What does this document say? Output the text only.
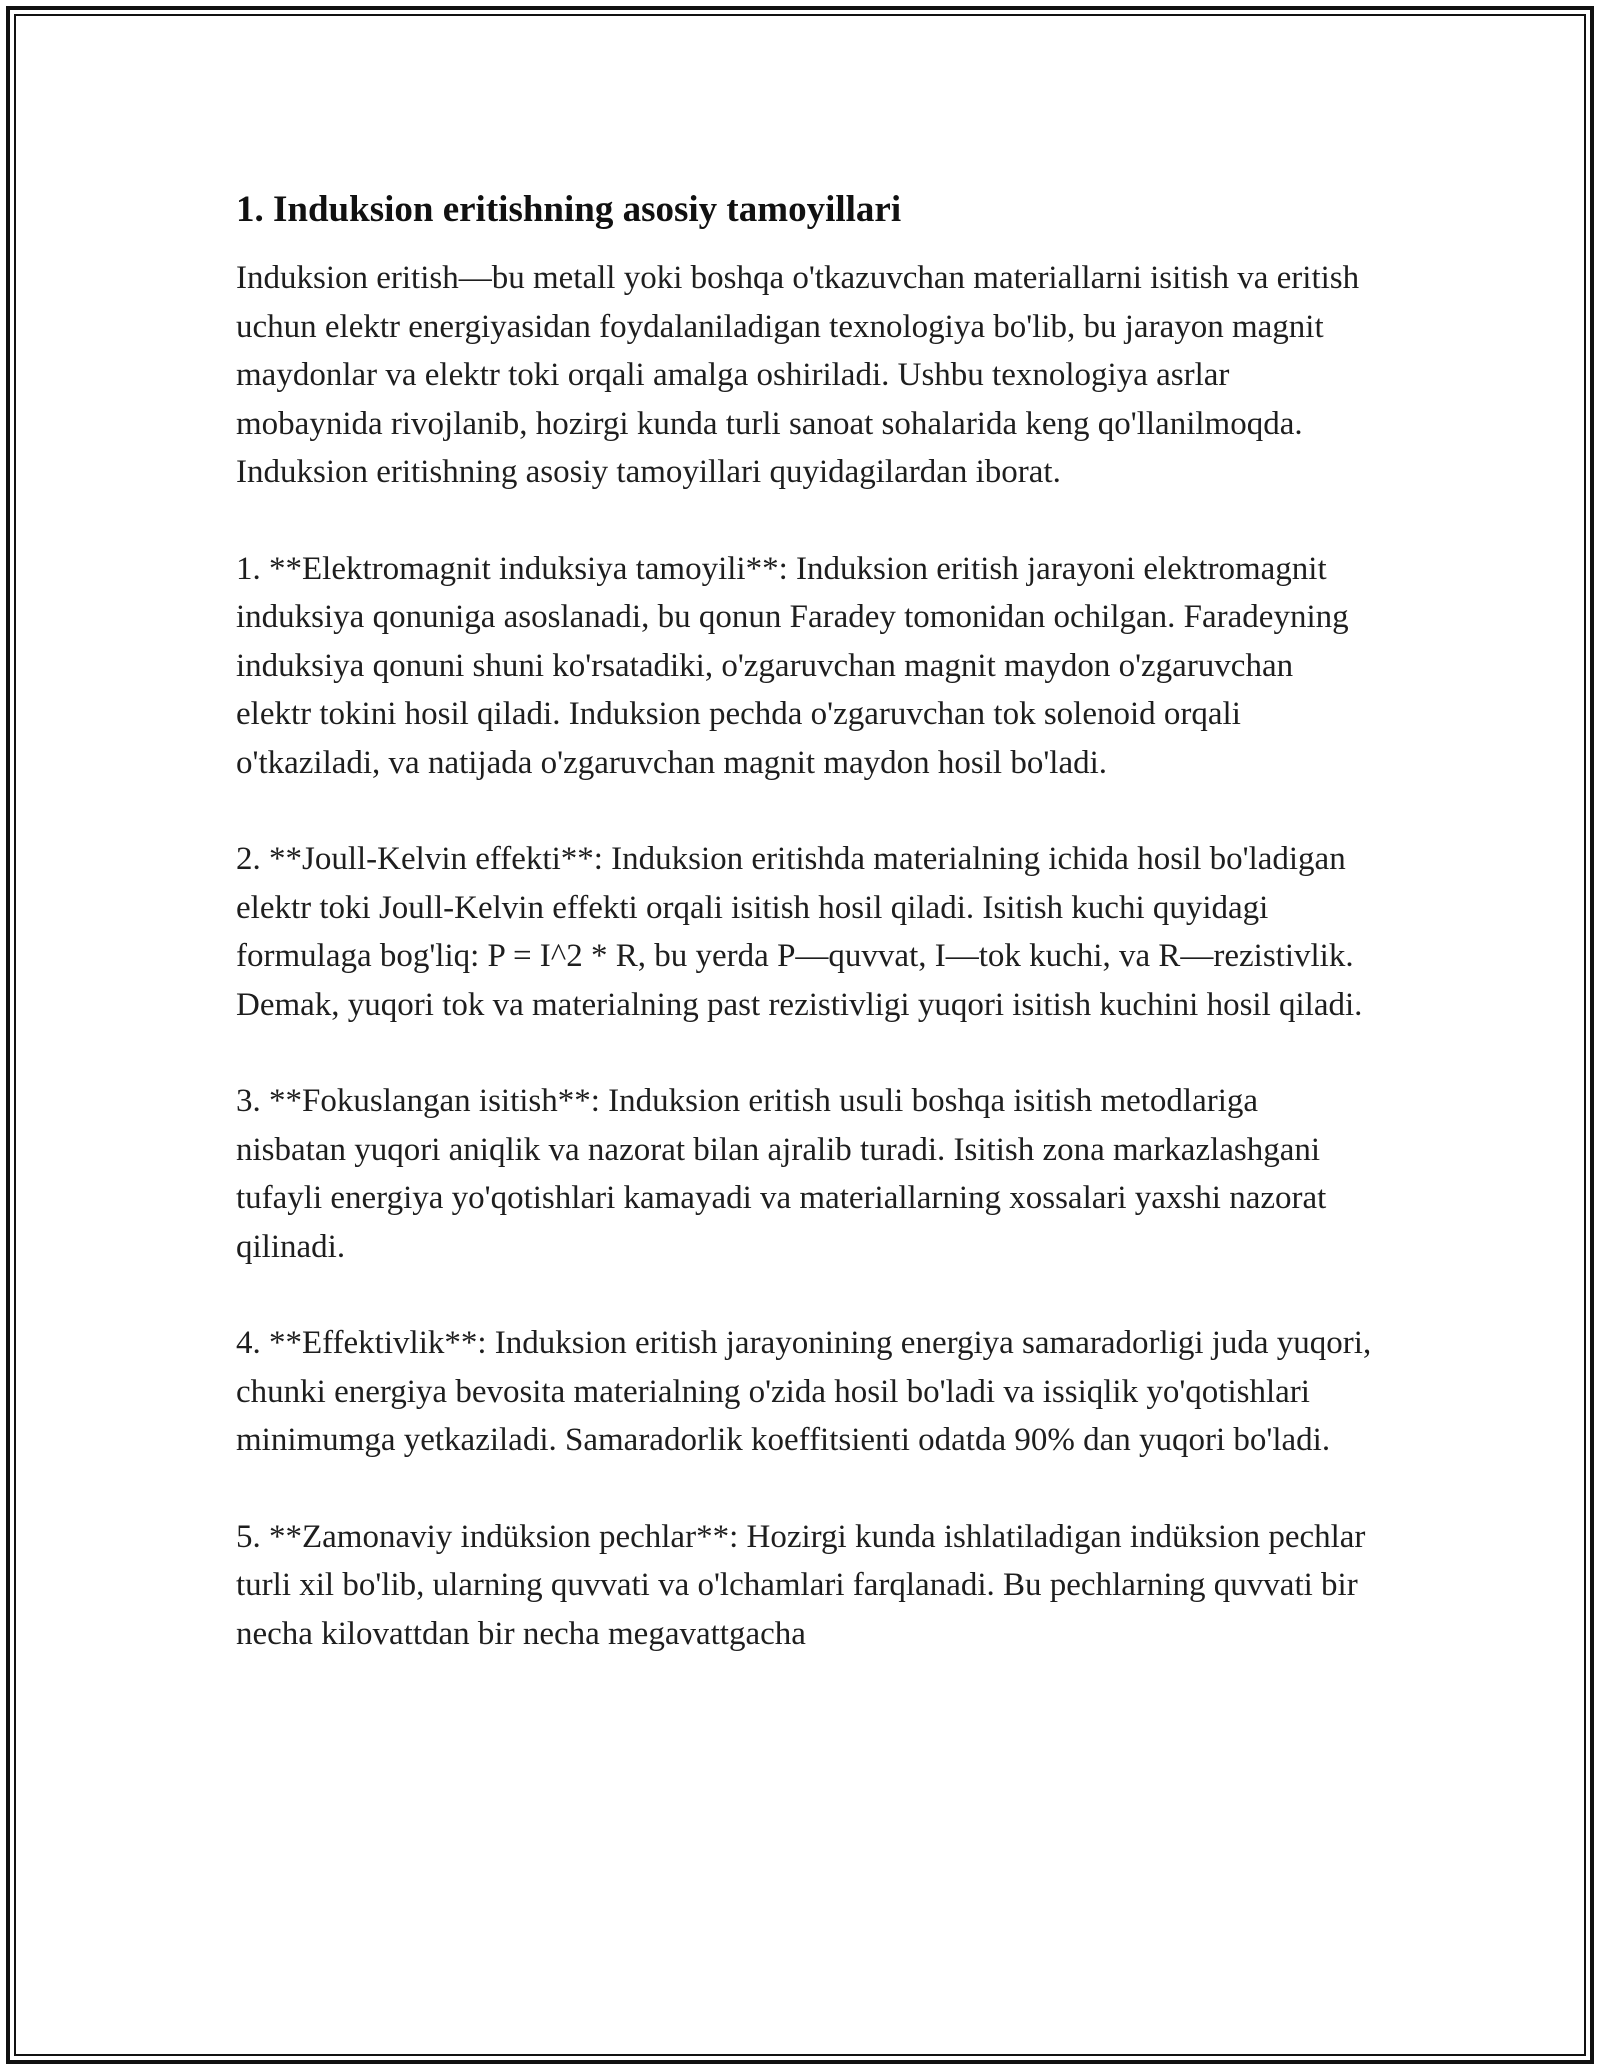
1. Induksion eritishning asosiy tamoyillari

Induksion eritish—bu metall yoki boshqa o'tkazuvchan materiallarni isitish va eritish uchun elektr energiyasidan foydalaniladigan texnologiya bo'lib, bu jarayon magnit maydonlar va elektr toki orqali amalga oshiriladi. Ushbu texnologiya asrlar mobaynida rivojlanib, hozirgi kunda turli sanoat sohalarida keng qo'llanilmoqda. Induksion eritishning asosiy tamoyillari quyidagilardan iborat.

1. **Elektromagnit induksiya tamoyili**: Induksion eritish jarayoni elektromagnit induksiya qonuniga asoslanadi, bu qonun Faradey tomonidan ochilgan. Faradeyning induksiya qonuni shuni ko'rsatadiki, o'zgaruvchan magnit maydon o'zgaruvchan elektr tokini hosil qiladi. Induksion pechda o'zgaruvchan tok solenoid orqali o'tkaziladi, va natijada o'zgaruvchan magnit maydon hosil bo'ladi.

2. **Joull-Kelvin effekti**: Induksion eritishda materialning ichida hosil bo'ladigan elektr toki Joull-Kelvin effekti orqali isitish hosil qiladi. Isitish kuchi quyidagi formulaga bog'liq: P = I^2 * R, bu yerda P—quvvat, I—tok kuchi, va R—rezistivlik. Demak, yuqori tok va materialning past rezistivligi yuqori isitish kuchini hosil qiladi.

3. **Fokuslangan isitish**: Induksion eritish usuli boshqa isitish metodlariga nisbatan yuqori aniqlik va nazorat bilan ajralib turadi. Isitish zona markazlashgani tufayli energiya yo'qotishlari kamayadi va materiallarning xossalari yaxshi nazorat qilinadi.

4. **Effektivlik**: Induksion eritish jarayonining energiya samaradorligi juda yuqori, chunki energiya bevosita materialning o'zida hosil bo'ladi va issiqlik yo'qotishlari minimumga yetkaziladi. Samaradorlik koeffitsienti odatda 90% dan yuqori bo'ladi.

5. **Zamonaviy indüksion pechlar**: Hozirgi kunda ishlatiladigan indüksion pechlar turli xil bo'lib, ularning quvvati va o'lchamlari farqlanadi. Bu pechlarning quvvati bir necha kilovattdan bir necha megavattgacha
